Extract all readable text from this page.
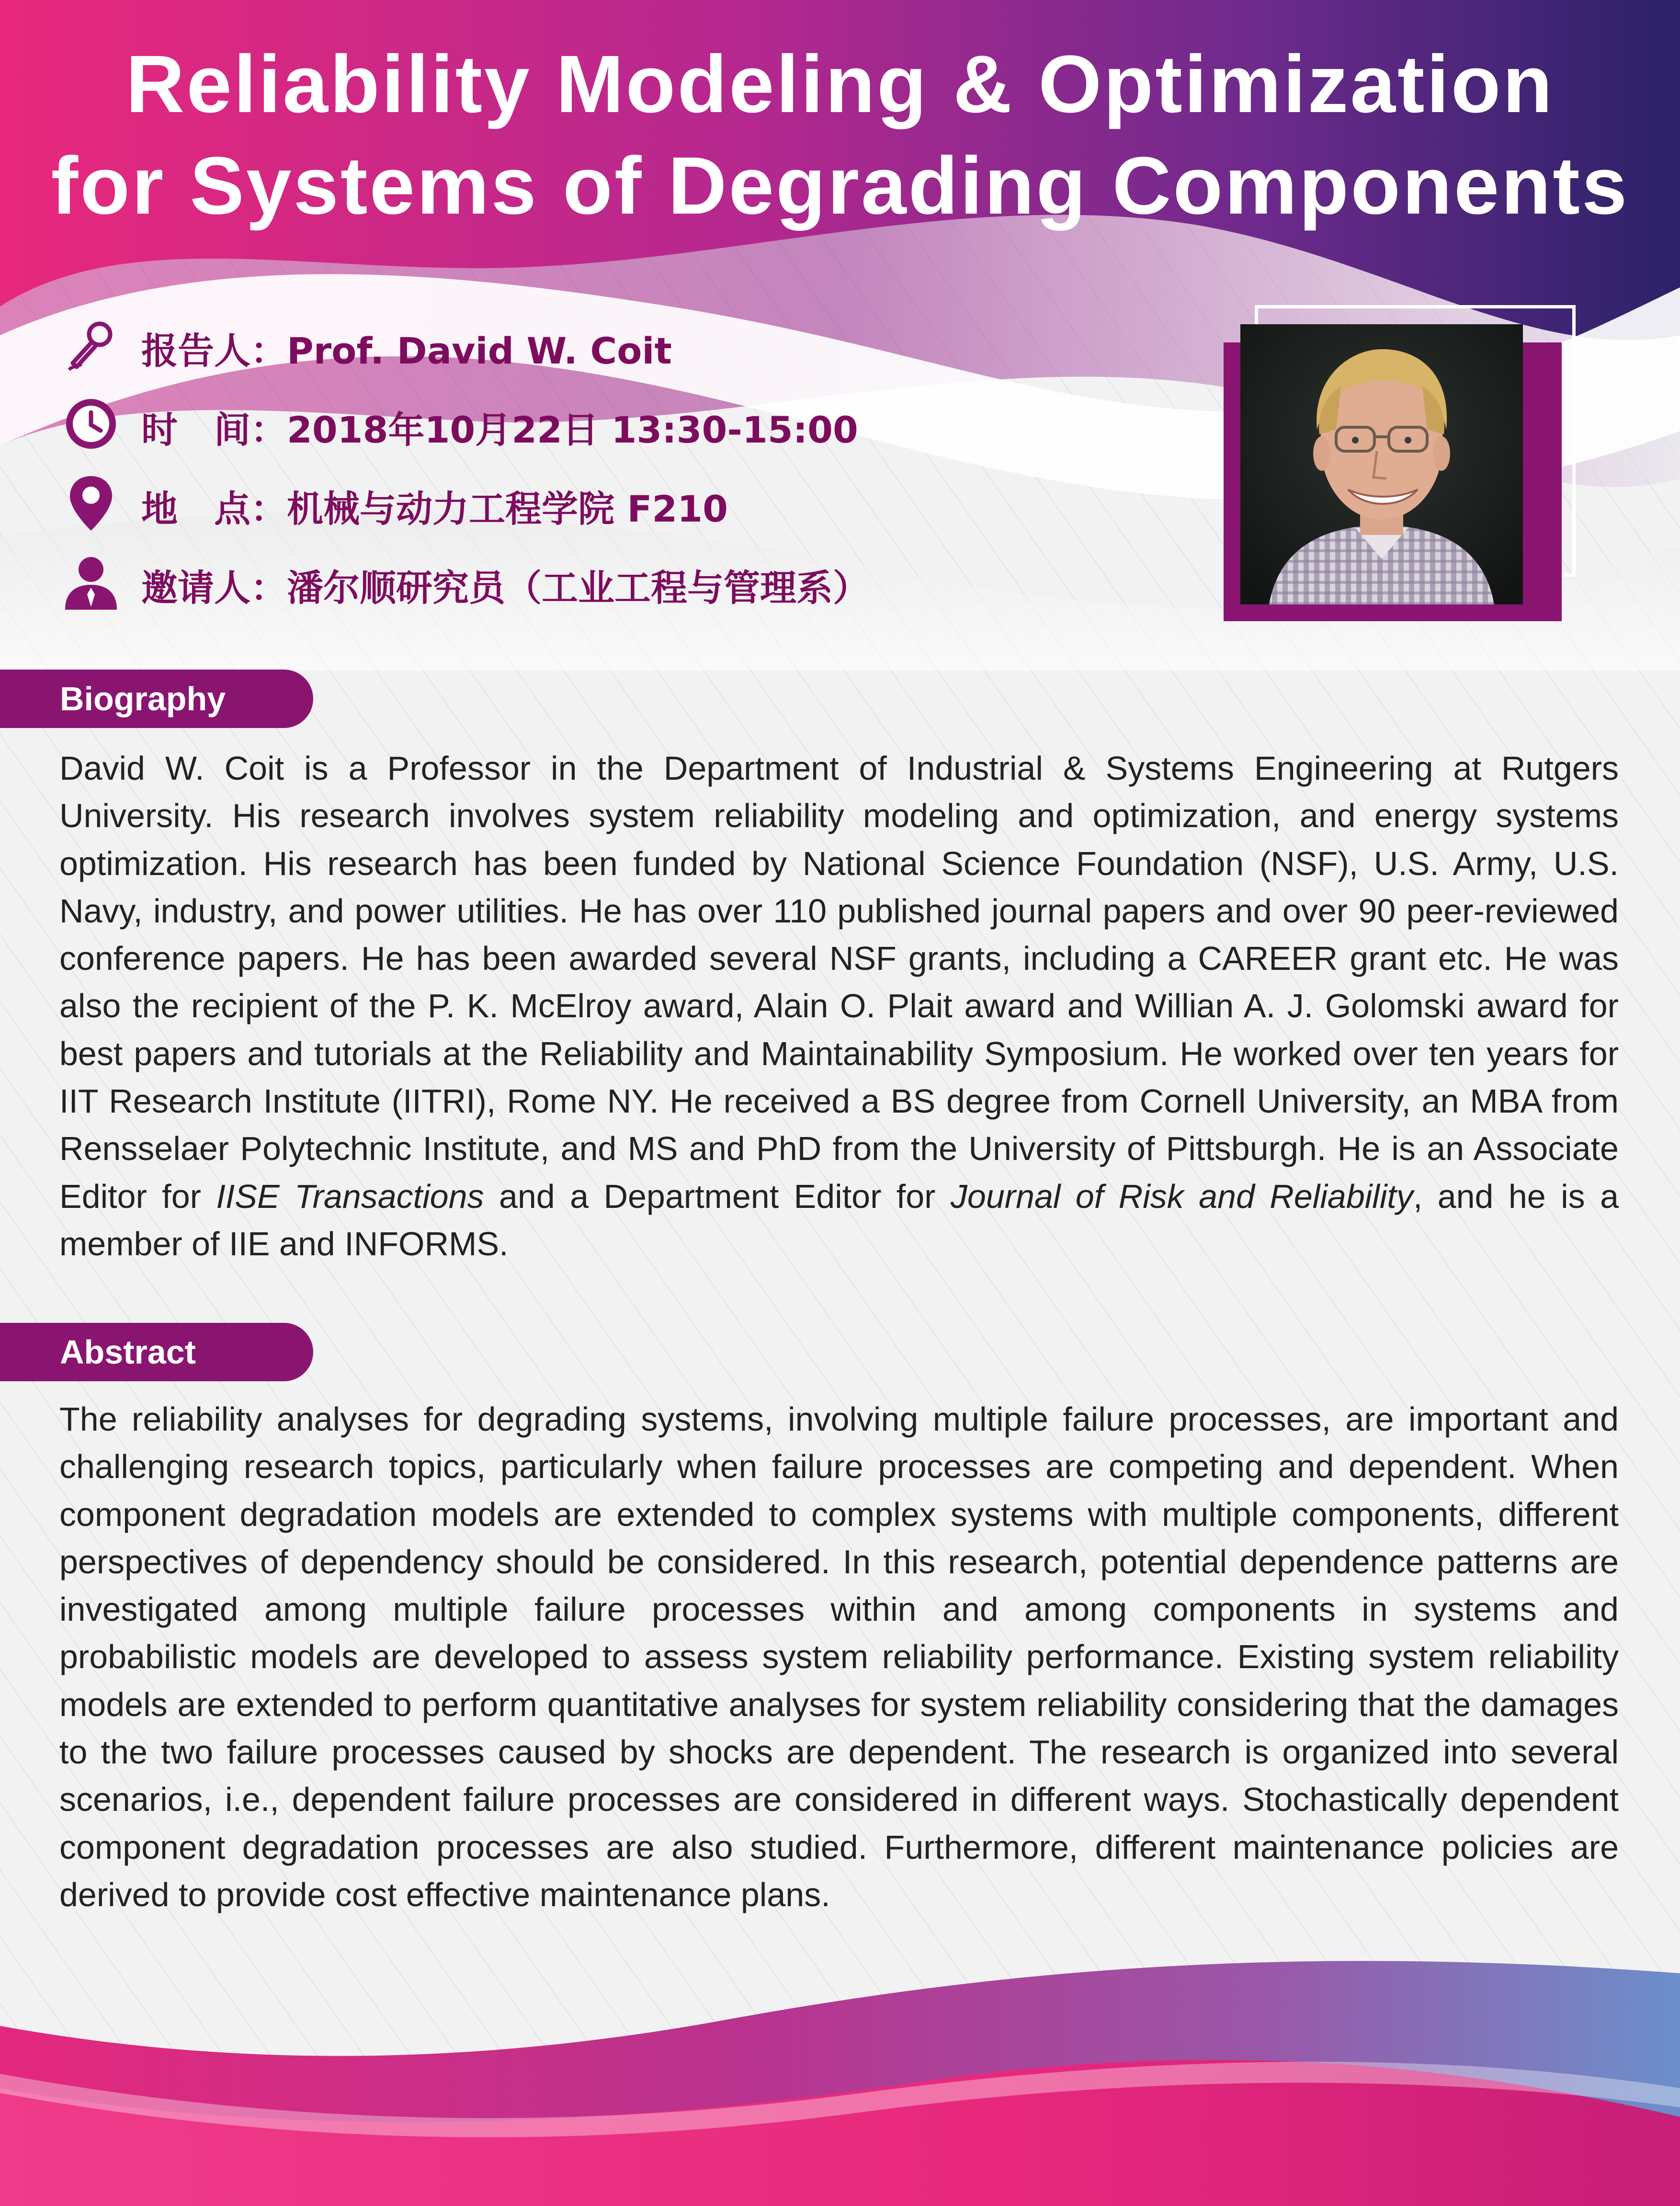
Reliability Modeling & Optimization
for Systems of Degrading Components
报告人：Prof. David W. Coit
时　间：2018年10月22日 13:30-15:00
地　点：机械与动力工程学院 F210
邀请人：潘尔顺研究员（工业工程与管理系）
Biography

David W. Coit is a Professor in the Department of Industrial & Systems Engineering at Rutgers University. His research involves system reliability modeling and optimization, and energy systems optimization. His research has been funded by National Science Foundation (NSF), U.S. Army, U.S. Navy, industry, and power utilities. He has over 110 published journal papers and over 90 peer-reviewed conference papers. He has been awarded several NSF grants, including a CAREER grant etc. He was also the recipient of the P. K. McElroy award, Alain O. Plait award and Willian A. J. Golomski award for best papers and tutorials at the Reliability and Maintainability Symposium. He worked over ten years for IIT Research Institute (IITRI), Rome NY. He received a BS degree from Cornell University, an MBA from Rensselaer Polytechnic Institute, and MS and PhD from the University of Pittsburgh. He is an Associate Editor for IISE Transactions and a Department Editor for Journal of Risk and Reliability, and he is a member of IIE and INFORMS.

Abstract

The reliability analyses for degrading systems, involving multiple failure processes, are important and challenging research topics, particularly when failure processes are competing and dependent. When component degradation models are extended to complex systems with multiple components, different perspectives of dependency should be considered. In this research, potential dependence patterns are investigated among multiple failure processes within and among components in systems and probabilistic models are developed to assess system reliability performance. Existing system reliability models are extended to perform quantitative analyses for system reliability considering that the damages to the two failure processes caused by shocks are dependent. The research is organized into several scenarios, i.e., dependent failure processes are considered in different ways. Stochastically dependent component degradation processes are also studied. Furthermore, different maintenance policies are derived to provide cost effective maintenance plans.
